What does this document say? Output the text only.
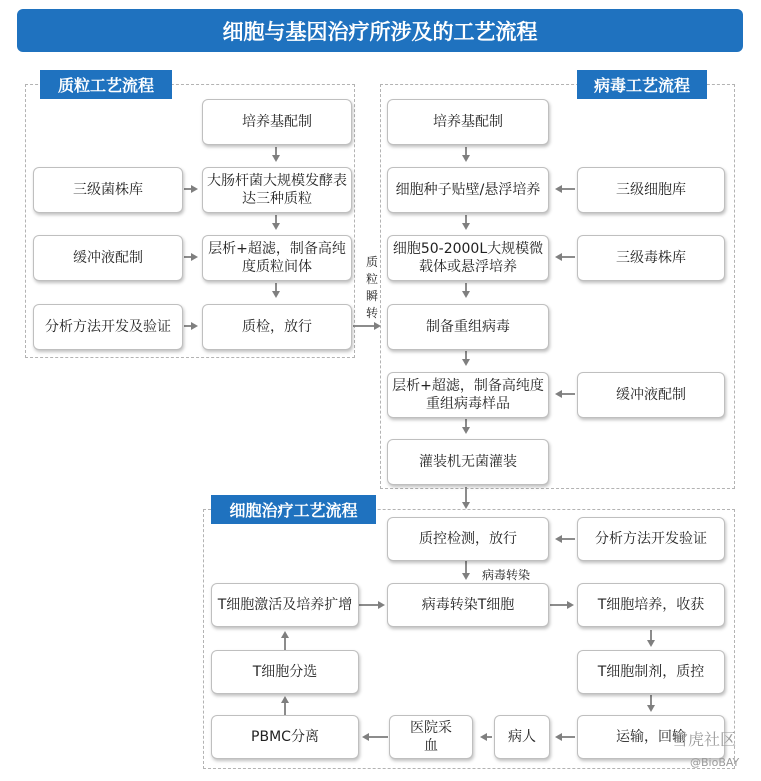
细胞与基因治疗所涉及的工艺流程
质粒工艺流程	病毒工艺流程
细胞治疗工艺流程
培养基配制
三级菌株库
大肠杆菌大规模发酵表达三种质粒
缓冲液配制
层析+超滤，制备高纯度质粒间体
分析方法开发及验证	质检，放行
质粒瞬转
培养基配制
细胞种子贴壁/悬浮培养	三级细胞库
细胞50-2000L大规模微载体或悬浮培养
三级毒株库
制备重组病毒
层析+超滤，制备高纯度重组病毒样品
缓冲液配制
灌装机无菌灌装
质控检测，放行	分析方法开发验证
病毒转染
病毒转染T细胞
T细胞激活及培养扩增	T细胞培养，收获
T细胞分选	T细胞制剂，质控
PBMC分离
医院采血
病人	运输，回输
雪虎社区
@BioBAY
